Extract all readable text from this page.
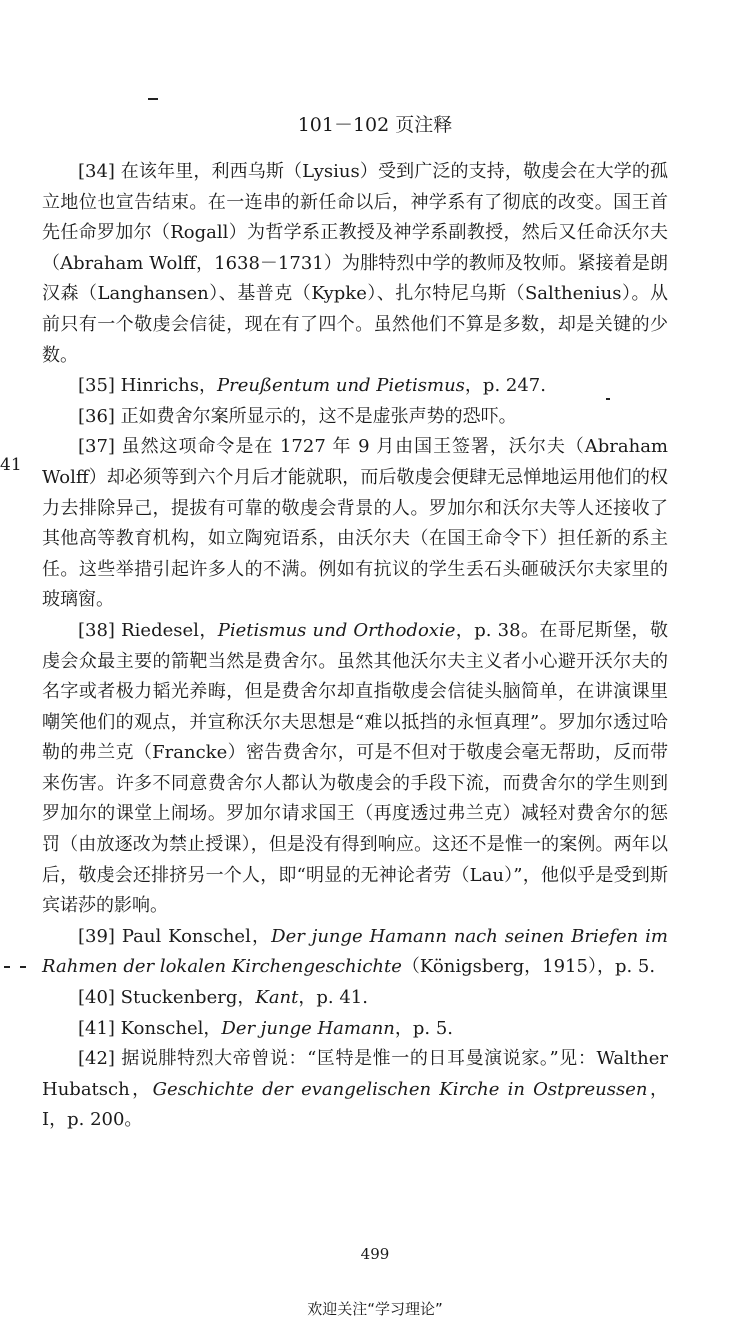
41
101－102 页注释

[34] 在该年里，利西乌斯（Lysius）受到广泛的支持，敬虔会在大学的孤立地位也宣告结束。在一连串的新任命以后，神学系有了彻底的改变。国王首先任命罗加尔（Rogall）为哲学系正教授及神学系副教授，然后又任命沃尔夫（Abraham Wolff，1638－1731）为腓特烈中学的教师及牧师。紧接着是朗汉森（Langhansen）、基普克（Kypke）、扎尔特尼乌斯（Salthenius）。从前只有一个敬虔会信徒，现在有了四个。虽然他们不算是多数，却是关键的少数。

[35] Hinrichs，Preußentum und Pietismus，p. 247.

[36] 正如费舍尔案所显示的，这不是虚张声势的恐吓。

[37] 虽然这项命令是在 1727 年 9 月由国王签署，沃尔夫（Abraham Wolff）却必须等到六个月后才能就职，而后敬虔会便肆无忌惮地运用他们的权力去排除异己，提拔有可靠的敬虔会背景的人。罗加尔和沃尔夫等人还接收了其他高等教育机构，如立陶宛语系，由沃尔夫（在国王命令下）担任新的系主任。这些举措引起许多人的不满。例如有抗议的学生丢石头砸破沃尔夫家里的玻璃窗。

[38] Riedesel，Pietismus und Orthodoxie，p. 38。在哥尼斯堡，敬虔会众最主要的箭靶当然是费舍尔。虽然其他沃尔夫主义者小心避开沃尔夫的名字或者极力韬光养晦，但是费舍尔却直指敬虔会信徒头脑简单，在讲演课里嘲笑他们的观点，并宣称沃尔夫思想是“难以抵挡的永恒真理”。罗加尔透过哈勒的弗兰克（Francke）密告费舍尔，可是不但对于敬虔会毫无帮助，反而带来伤害。许多不同意费舍尔人都认为敬虔会的手段下流，而费舍尔的学生则到罗加尔的课堂上闹场。罗加尔请求国王（再度透过弗兰克）减轻对费舍尔的惩罚（由放逐改为禁止授课），但是没有得到响应。这还不是惟一的案例。两年以后，敬虔会还排挤另一个人，即“明显的无神论者劳（Lau）”，他似乎是受到斯宾诺莎的影响。

[39] Paul Konschel，Der junge Hamann nach seinen Briefen im Rahmen der lokalen Kirchengeschichte（Königsberg，1915），p. 5.

[40] Stuckenberg，Kant，p. 41.

[41] Konschel，Der junge Hamann，p. 5.

[42] 据说腓特烈大帝曾说：“匡特是惟一的日耳曼演说家。”见：Walther Hubatsch，Geschichte der evangelischen Kirche in Ostpreussen，I，p. 200。

499
欢迎关注“学习理论”
